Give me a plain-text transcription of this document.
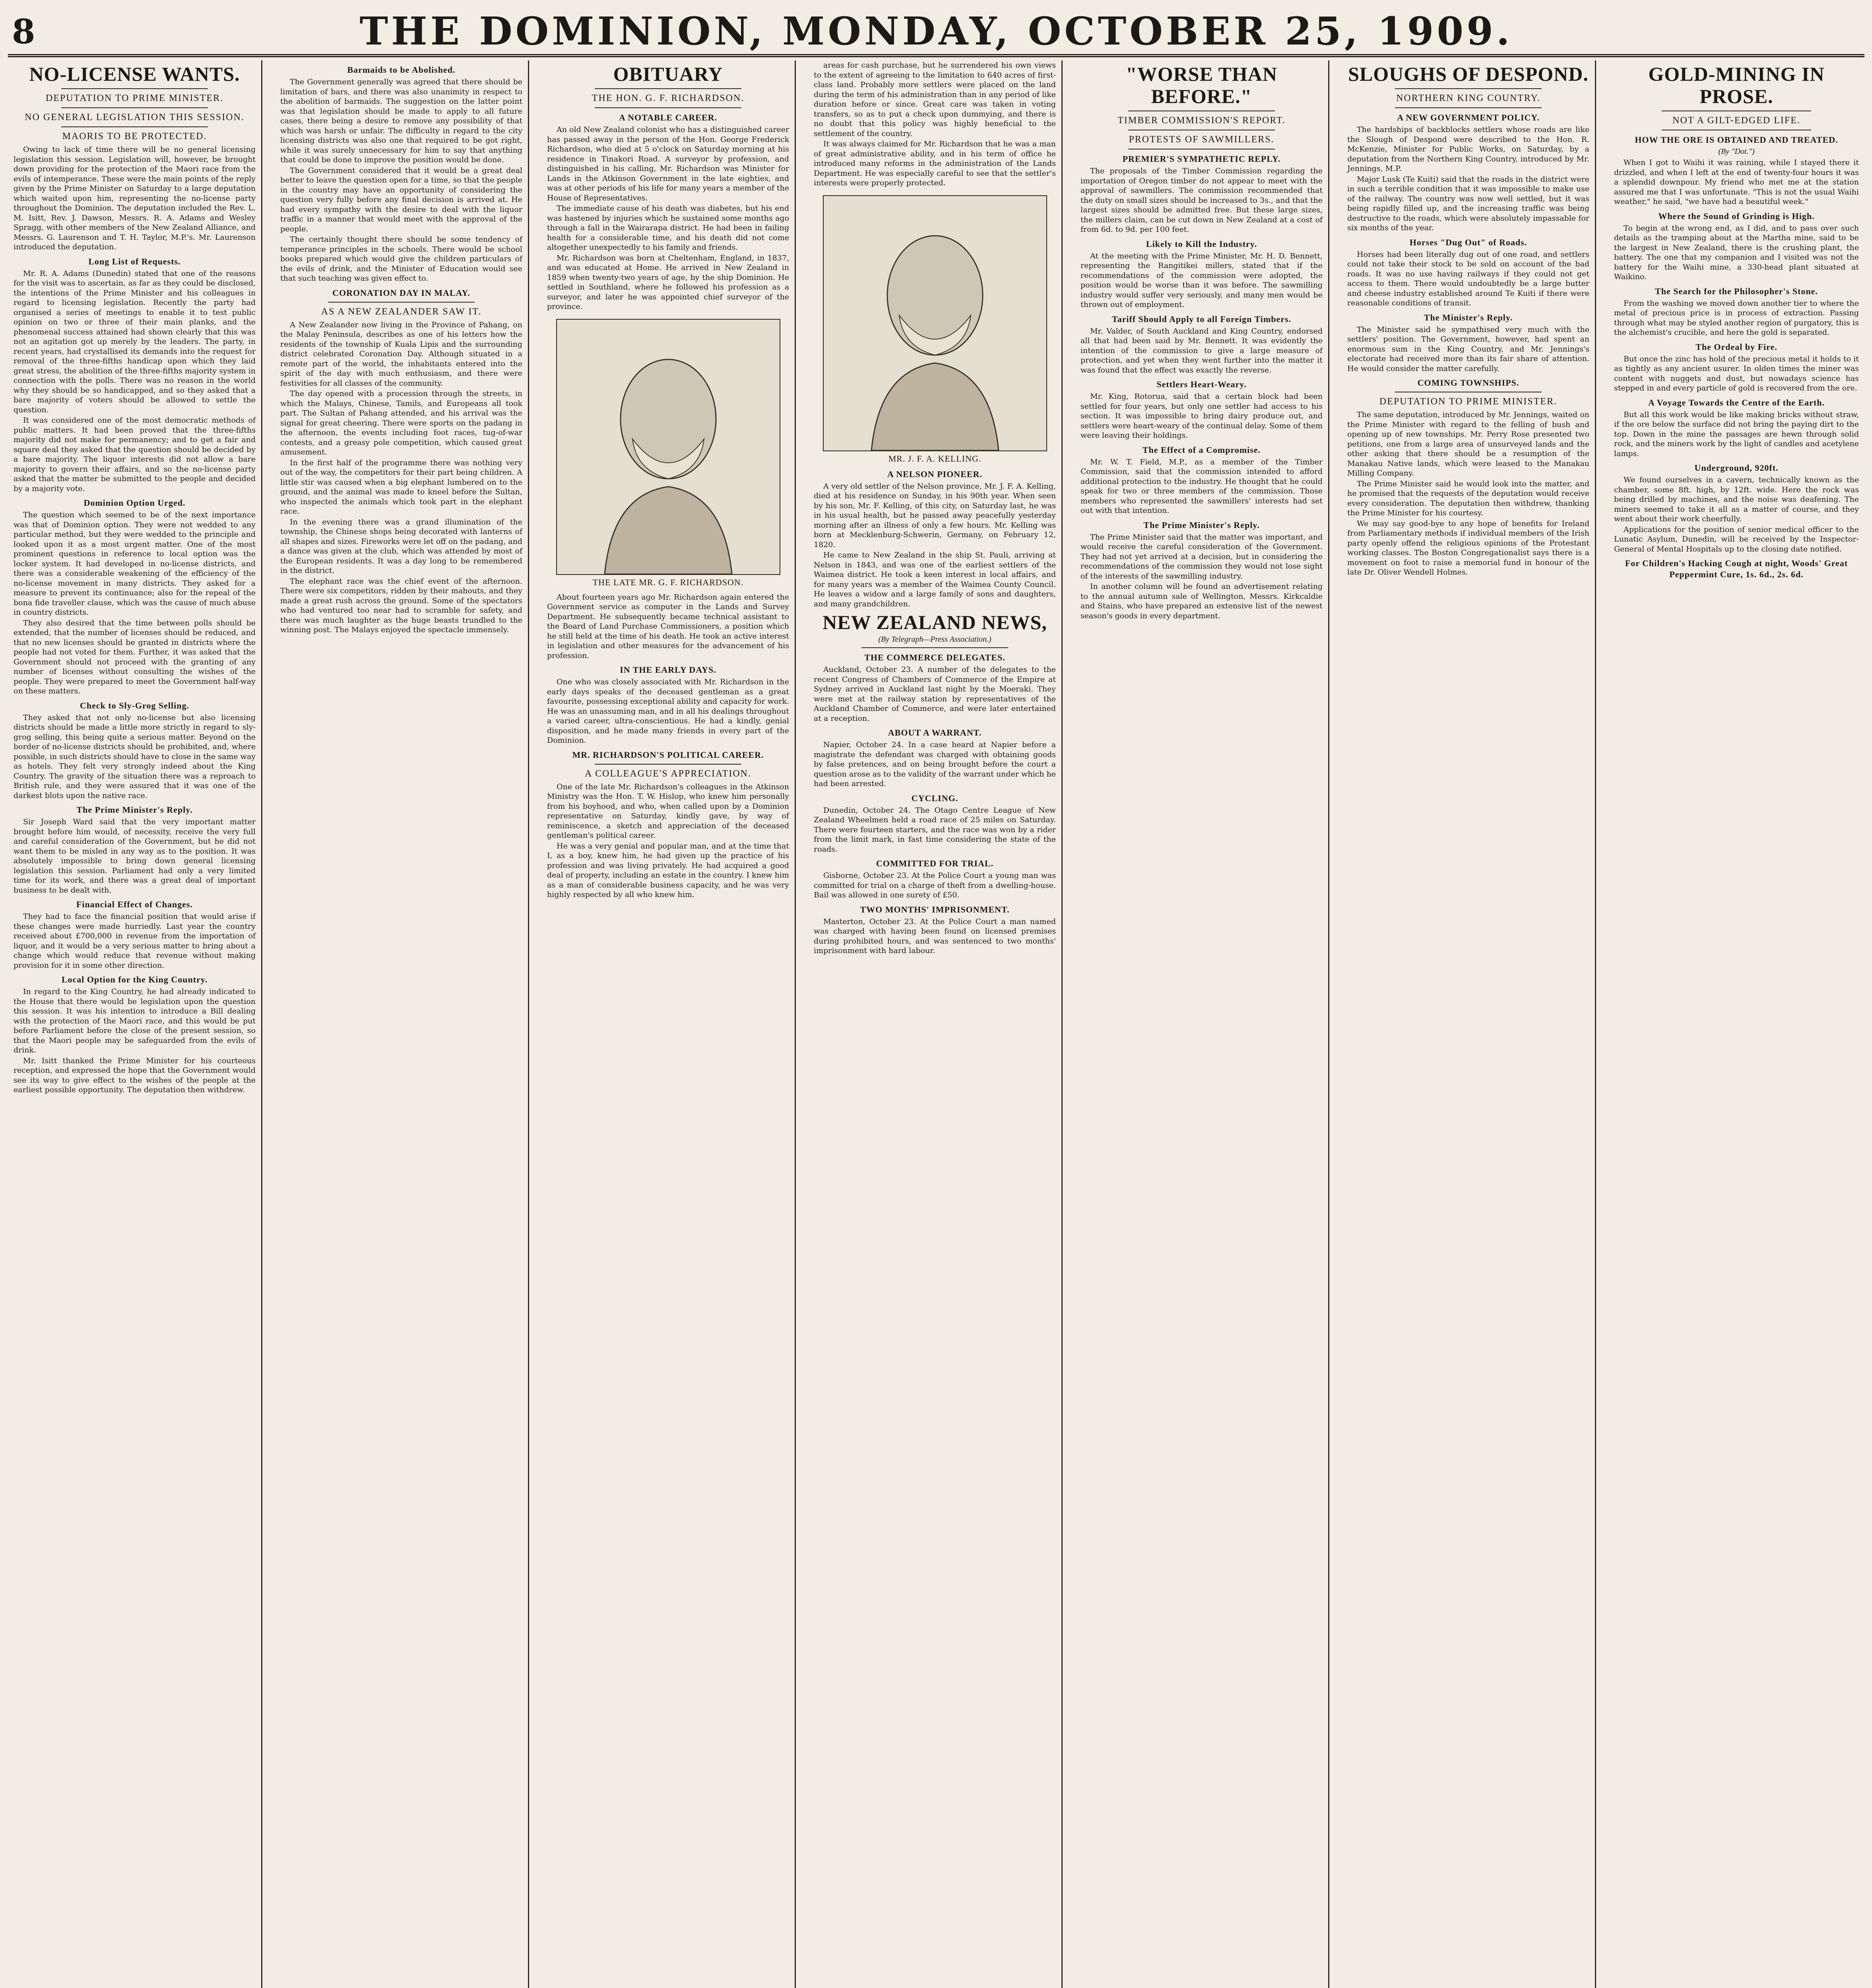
8	THE DOMINION, MONDAY, OCTOBER 25, 1909.
NO-LICENSE WANTS.
DEPUTATION TO PRIME MINISTER.
NO GENERAL LEGISLATION THIS SESSION.
MAORIS TO BE PROTECTED.

Owing to lack of time there will be no general licensing legislation this session. Legislation will, however, be brought down providing for the protection of the Maori race from the evils of intemperance. These were the main points of the reply given by the Prime Minister on Saturday to a large deputation which waited upon him, representing the no-license party throughout the Dominion. The deputation included the Rev. L. M. Isitt, Rev. J. Dawson, Messrs. R. A. Adams and Wesley Spragg, with other members of the New Zealand Alliance, and Messrs. G. Laurenson and T. H. Taylor, M.P.'s. Mr. Laurenson introduced the deputation.

Long List of Requests.

Mr. R. A. Adams (Dunedin) stated that one of the reasons for the visit was to ascertain, as far as they could be disclosed, the intentions of the Prime Minister and his colleagues in regard to licensing legislation. Recently the party had organised a series of meetings to enable it to test public opinion on two or three of their main planks, and the phenomenal success attained had shown clearly that this was not an agitation got up merely by the leaders. The party, in recent years, had crystallised its demands into the request for removal of the three-fifths handicap upon which they laid great stress, the abolition of the three-fifths majority system in connection with the polls. There was no reason in the world why they should be so handicapped, and so they asked that a bare majority of voters should be allowed to settle the question.

It was considered one of the most democratic methods of public matters. It had been proved that the three-fifths majority did not make for permanency; and to get a fair and square deal they asked that the question should be decided by a bare majority. The liquor interests did not allow a bare majority to govern their affairs, and so the no-license party asked that the matter be submitted to the people and decided by a majority vote.

Dominion Option Urged.

The question which seemed to be of the next importance was that of Dominion option. They were not wedded to any particular method, but they were wedded to the principle and looked upon it as a most urgent matter. One of the most prominent questions in reference to local option was the locker system. It had developed in no-license districts, and there was a considerable weakening of the efficiency of the no-license movement in many districts. They asked for a measure to prevent its continuance; also for the repeal of the bona fide traveller clause, which was the cause of much abuse in country districts.

They also desired that the time between polls should be extended, that the number of licenses should be reduced, and that no new licenses should be granted in districts where the people had not voted for them. Further, it was asked that the Government should not proceed with the granting of any number of licenses without consulting the wishes of the people. They were prepared to meet the Government half-way on these matters.

Check to Sly-Grog Selling.

They asked that not only no-license but also licensing districts should be made a little more strictly in regard to sly-grog selling, this being quite a serious matter. Beyond on the border of no-license districts should be prohibited, and, where possible, in such districts should have to close in the same way as hotels. They felt very strongly indeed about the King Country. The gravity of the situation there was a reproach to British rule, and they were assured that it was one of the darkest blots upon the native race.

The Prime Minister's Reply.

Sir Joseph Ward said that the very important matter brought before him would, of necessity, receive the very full and careful consideration of the Government, but he did not want them to be misled in any way as to the position. It was absolutely impossible to bring down general licensing legislation this session. Parliament had only a very limited time for its work, and there was a great deal of important business to be dealt with.

Financial Effect of Changes.

They had to face the financial position that would arise if these changes were made hurriedly. Last year the country received about £700,000 in revenue from the importation of liquor, and it would be a very serious matter to bring about a change which would reduce that revenue without making provision for it in some other direction.

Local Option for the King Country.

In regard to the King Country, he had already indicated to the House that there would be legislation upon the question this session. It was his intention to introduce a Bill dealing with the protection of the Maori race, and this would be put before Parliament before the close of the present session, so that the Maori people may be safeguarded from the evils of drink.

Mr. Isitt thanked the Prime Minister for his courteous reception, and expressed the hope that the Government would see its way to give effect to the wishes of the people at the earliest possible opportunity. The deputation then withdrew.

Barmaids to be Abolished.

The Government generally was agreed that there should be limitation of bars, and there was also unanimity in respect to the abolition of barmaids. The suggestion on the latter point was that legislation should be made to apply to all future cases, there being a desire to remove any possibility of that which was harsh or unfair. The difficulty in regard to the city licensing districts was also one that required to be got right, while it was surely unnecessary for him to say that anything that could be done to improve the position would be done.

The Government considered that it would be a great deal better to leave the question open for a time, so that the people in the country may have an opportunity of considering the question very fully before any final decision is arrived at. He had every sympathy with the desire to deal with the liquor traffic in a manner that would meet with the approval of the people.

The certainly thought there should be some tendency of temperance principles in the schools. There would be school books prepared which would give the children particulars of the evils of drink, and the Minister of Education would see that such teaching was given effect to.

CORONATION DAY IN MALAY.
AS A NEW ZEALANDER SAW IT.

A New Zealander now living in the Province of Pahang, on the Malay Peninsula, describes as one of his letters how the residents of the township of Kuala Lipis and the surrounding district celebrated Coronation Day. Although situated in a remote part of the world, the inhabitants entered into the spirit of the day with much enthusiasm, and there were festivities for all classes of the community.

The day opened with a procession through the streets, in which the Malays, Chinese, Tamils, and Europeans all took part. The Sultan of Pahang attended, and his arrival was the signal for great cheering. There were sports on the padang in the afternoon, the events including foot races, tug-of-war contests, and a greasy pole competition, which caused great amusement.

In the first half of the programme there was nothing very out of the way, the competitors for their part being children. A little stir was caused when a big elephant lumbered on to the ground, and the animal was made to kneel before the Sultan, who inspected the animals which took part in the elephant race.

In the evening there was a grand illumination of the township, the Chinese shops being decorated with lanterns of all shapes and sizes. Fireworks were let off on the padang, and a dance was given at the club, which was attended by most of the European residents. It was a day long to be remembered in the district.

The elephant race was the chief event of the afternoon. There were six competitors, ridden by their mahouts, and they made a great rush across the ground. Some of the spectators who had ventured too near had to scramble for safety, and there was much laughter as the huge beasts trundled to the winning post. The Malays enjoyed the spectacle immensely.

OBITUARY
THE HON. G. F. RICHARDSON.
A NOTABLE CAREER.

An old New Zealand colonist who has a distinguished career has passed away in the person of the Hon. George Frederick Richardson, who died at 5 o'clock on Saturday morning at his residence in Tinakori Road. A surveyor by profession, and distinguished in his calling, Mr. Richardson was Minister for Lands in the Atkinson Government in the late eighties, and was at other periods of his life for many years a member of the House of Representatives.

The immediate cause of his death was diabetes, but his end was hastened by injuries which he sustained some months ago through a fall in the Wairarapa district. He had been in failing health for a considerable time, and his death did not come altogether unexpectedly to his family and friends.

Mr. Richardson was born at Cheltenham, England, in 1837, and was educated at Home. He arrived in New Zealand in 1859 when twenty-two years of age, by the ship Dominion. He settled in Southland, where he followed his profession as a surveyor, and later he was appointed chief surveyor of the province.

THE LATE MR. G. F. RICHARDSON.

About fourteen years ago Mr. Richardson again entered the Government service as computer in the Lands and Survey Department. He subsequently became technical assistant to the Board of Land Purchase Commissioners, a position which he still held at the time of his death. He took an active interest in legislation and other measures for the advancement of his profession.

IN THE EARLY DAYS.

One who was closely associated with Mr. Richardson in the early days speaks of the deceased gentleman as a great favourite, possessing exceptional ability and capacity for work. He was an unassuming man, and in all his dealings throughout a varied career, ultra-conscientious. He had a kindly, genial disposition, and he made many friends in every part of the Dominion.

MR. RICHARDSON'S POLITICAL CAREER.
A COLLEAGUE'S APPRECIATION.

One of the late Mr. Richardson's colleagues in the Atkinson Ministry was the Hon. T. W. Hislop, who knew him personally from his boyhood, and who, when called upon by a Dominion representative on Saturday, kindly gave, by way of reminiscence, a sketch and appreciation of the deceased gentleman's political career.

He was a very genial and popular man, and at the time that I, as a boy, knew him, he had given up the practice of his profession and was living privately. He had acquired a good deal of property, including an estate in the country. I knew him as a man of considerable business capacity, and he was very highly respected by all who knew him.

areas for cash purchase, but he surrendered his own views to the extent of agreeing to the limitation to 640 acres of first-class land. Probably more settlers were placed on the land during the term of his administration than in any period of like duration before or since. Great care was taken in voting transfers, so as to put a check upon dummying, and there is no doubt that this policy was highly beneficial to the settlement of the country.

It was always claimed for Mr. Richardson that he was a man of great administrative ability, and in his term of office he introduced many reforms in the administration of the Lands Department. He was especially careful to see that the settler's interests were properly protected.

MR. J. F. A. KELLING.
A NELSON PIONEER.

A very old settler of the Nelson province, Mr. J. F. A. Kelling, died at his residence on Sunday, in his 90th year. When seen by his son, Mr. F. Kelling, of this city, on Saturday last, he was in his usual health, but he passed away peacefully yesterday morning after an illness of only a few hours. Mr. Kelling was born at Mecklenburg-Schwerin, Germany, on February 12, 1820.

He came to New Zealand in the ship St. Pauli, arriving at Nelson in 1843, and was one of the earliest settlers of the Waimea district. He took a keen interest in local affairs, and for many years was a member of the Waimea County Council. He leaves a widow and a large family of sons and daughters, and many grandchildren.

NEW ZEALAND NEWS,
(By Telegraph—Press Association.)
THE COMMERCE DELEGATES.

Auckland, October 23. A number of the delegates to the recent Congress of Chambers of Commerce of the Empire at Sydney arrived in Auckland last night by the Moeraki. They were met at the railway station by representatives of the Auckland Chamber of Commerce, and were later entertained at a reception.

ABOUT A WARRANT.

Napier, October 24. In a case heard at Napier before a magistrate the defendant was charged with obtaining goods by false pretences, and on being brought before the court a question arose as to the validity of the warrant under which he had been arrested.

CYCLING.

Dunedin, October 24. The Otago Centre League of New Zealand Wheelmen held a road race of 25 miles on Saturday. There were fourteen starters, and the race was won by a rider from the limit mark, in fast time considering the state of the roads.

COMMITTED FOR TRIAL.

Gisborne, October 23. At the Police Court a young man was committed for trial on a charge of theft from a dwelling-house. Bail was allowed in one surety of £50.

TWO MONTHS' IMPRISONMENT.

Masterton, October 23. At the Police Court a man named was charged with having been found on licensed premises during prohibited hours, and was sentenced to two months' imprisonment with hard labour.

"WORSE THAN BEFORE."
TIMBER COMMISSION'S REPORT.
PROTESTS OF SAWMILLERS.
PREMIER'S SYMPATHETIC REPLY.

The proposals of the Timber Commission regarding the importation of Oregon timber do not appear to meet with the approval of sawmillers. The commission recommended that the duty on small sizes should be increased to 3s., and that the largest sizes should be admitted free. But these large sizes, the millers claim, can be cut down in New Zealand at a cost of from 6d. to 9d. per 100 feet.

Likely to Kill the Industry.

At the meeting with the Prime Minister, Mr. H. D. Bennett, representing the Rangitikei millers, stated that if the recommendations of the commission were adopted, the position would be worse than it was before. The sawmilling industry would suffer very seriously, and many men would be thrown out of employment.

Tariff Should Apply to all Foreign Timbers.

Mr. Valder, of South Auckland and King Country, endorsed all that had been said by Mr. Bennett. It was evidently the intention of the commission to give a large measure of protection, and yet when they went further into the matter it was found that the effect was exactly the reverse.

Settlers Heart-Weary.

Mr. King, Rotorua, said that a certain block had been settled for four years, but only one settler had access to his section. It was impossible to bring dairy produce out, and settlers were heart-weary of the continual delay. Some of them were leaving their holdings.

The Effect of a Compromise.

Mr. W. T. Field, M.P., as a member of the Timber Commission, said that the commission intended to afford additional protection to the industry. He thought that he could speak for two or three members of the commission. Those members who represented the sawmillers' interests had set out with that intention.

The Prime Minister's Reply.

The Prime Minister said that the matter was important, and would receive the careful consideration of the Government. They had not yet arrived at a decision, but in considering the recommendations of the commission they would not lose sight of the interests of the sawmilling industry.

In another column will be found an advertisement relating to the annual autumn sale of Wellington, Messrs. Kirkcaldie and Stains, who have prepared an extensive list of the newest season's goods in every department.

SLOUGHS OF DESPOND.
NORTHERN KING COUNTRY.
A NEW GOVERNMENT POLICY.

The hardships of backblocks settlers whose roads are like the Slough of Despond were described to the Hon. R. McKenzie, Minister for Public Works, on Saturday, by a deputation from the Northern King Country, introduced by Mr. Jennings, M.P.

Major Lusk (Te Kuiti) said that the roads in the district were in such a terrible condition that it was impossible to make use of the railway. The country was now well settled, but it was being rapidly filled up, and the increasing traffic was being destructive to the roads, which were absolutely impassable for six months of the year.

Horses "Dug Out" of Roads.

Horses had been literally dug out of one road, and settlers could not take their stock to be sold on account of the bad roads. It was no use having railways if they could not get access to them. There would undoubtedly be a large butter and cheese industry established around Te Kuiti if there were reasonable conditions of transit.

The Minister's Reply.

The Minister said he sympathised very much with the settlers' position. The Government, however, had spent an enormous sum in the King Country, and Mr. Jennings's electorate had received more than its fair share of attention. He would consider the matter carefully.

COMING TOWNSHIPS.
DEPUTATION TO PRIME MINISTER.

The same deputation, introduced by Mr. Jennings, waited on the Prime Minister with regard to the felling of bush and opening up of new townships. Mr. Perry Rose presented two petitions, one from a large area of unsurveyed lands and the other asking that there should be a resumption of the Manakau Native lands, which were leased to the Manakau Milling Company.

The Prime Minister said he would look into the matter, and he promised that the requests of the deputation would receive every consideration. The deputation then withdrew, thanking the Prime Minister for his courtesy.

We may say good-bye to any hope of benefits for Ireland from Parliamentary methods if individual members of the Irish party openly offend the religious opinions of the Protestant working classes. The Boston Congregationalist says there is a movement on foot to raise a memorial fund in honour of the late Dr. Oliver Wendell Holmes.

GOLD-MINING IN PROSE.
NOT A GILT-EDGED LIFE.
HOW THE ORE IS OBTAINED AND TREATED.
(By "Dot.")

When I got to Waihi it was raining, while I stayed there it drizzled, and when I left at the end of twenty-four hours it was a splendid downpour. My friend who met me at the station assured me that I was unfortunate. "This is not the usual Waihi weather," he said, "we have had a beautiful week."

Where the Sound of Grinding is High.

To begin at the wrong end, as I did, and to pass over such details as the tramping about at the Martha mine, said to be the largest in New Zealand, there is the crushing plant, the battery. The one that my companion and I visited was not the battery for the Waihi mine, a 330-head plant situated at Waikino.

The Search for the Philosopher's Stone.

From the washing we moved down another tier to where the metal of precious price is in process of extraction. Passing through what may be styled another region of purgatory, this is the alchemist's crucible, and here the gold is separated.

The Ordeal by Fire.

But once the zinc has hold of the precious metal it holds to it as tightly as any ancient usurer. In olden times the miner was content with nuggets and dust, but nowadays science has stepped in and every particle of gold is recovered from the ore.

A Voyage Towards the Centre of the Earth.

But all this work would be like making bricks without straw, if the ore below the surface did not bring the paying dirt to the top. Down in the mine the passages are hewn through solid rock, and the miners work by the light of candles and acetylene lamps.

Underground, 920ft.

We found ourselves in a cavern, technically known as the chamber, some 8ft. high, by 12ft. wide. Here the rock was being drilled by machines, and the noise was deafening. The miners seemed to take it all as a matter of course, and they went about their work cheerfully.

Applications for the position of senior medical officer to the Lunatic Asylum, Dunedin, will be received by the Inspector-General of Mental Hospitals up to the closing date notified.

For Children's Hacking Cough at night, Woods' Great Peppermint Cure, 1s. 6d., 2s. 6d.
